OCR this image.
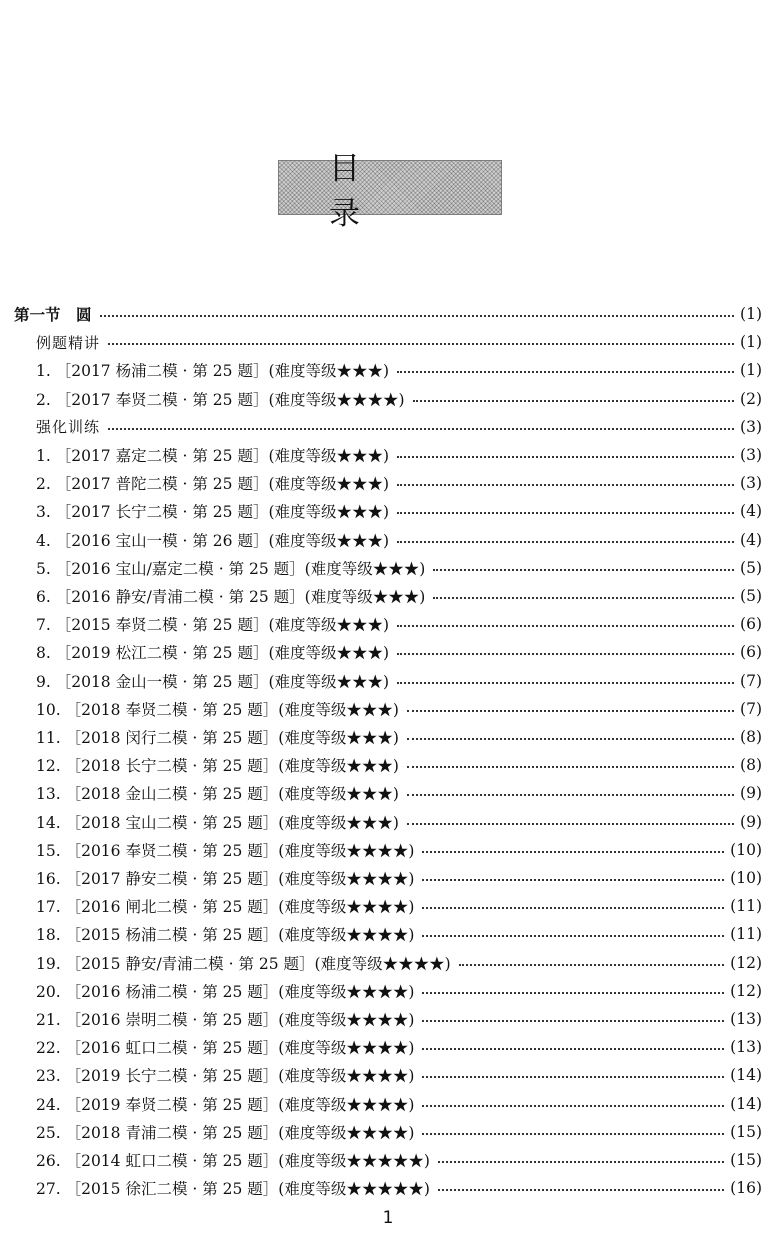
目 录
第一节　圆	(1)
例题精讲	(1)
1. ［2017 杨浦二模 · 第 25 题］(难度等级★★★)	(1)
2. ［2017 奉贤二模 · 第 25 题］(难度等级★★★★)	(2)
强化训练	(3)
1. ［2017 嘉定二模 · 第 25 题］(难度等级★★★)	(3)
2. ［2017 普陀二模 · 第 25 题］(难度等级★★★)	(3)
3. ［2017 长宁二模 · 第 25 题］(难度等级★★★)	(4)
4. ［2016 宝山一模 · 第 26 题］(难度等级★★★)	(4)
5. ［2016 宝山/嘉定二模 · 第 25 题］(难度等级★★★)	(5)
6. ［2016 静安/青浦二模 · 第 25 题］(难度等级★★★)	(5)
7. ［2015 奉贤二模 · 第 25 题］(难度等级★★★)	(6)
8. ［2019 松江二模 · 第 25 题］(难度等级★★★)	(6)
9. ［2018 金山一模 · 第 25 题］(难度等级★★★)	(7)
10. ［2018 奉贤二模 · 第 25 题］(难度等级★★★)	(7)
11. ［2018 闵行二模 · 第 25 题］(难度等级★★★)	(8)
12. ［2018 长宁二模 · 第 25 题］(难度等级★★★)	(8)
13. ［2018 金山二模 · 第 25 题］(难度等级★★★)	(9)
14. ［2018 宝山二模 · 第 25 题］(难度等级★★★)	(9)
15. ［2016 奉贤二模 · 第 25 题］(难度等级★★★★)	(10)
16. ［2017 静安二模 · 第 25 题］(难度等级★★★★)	(10)
17. ［2016 闸北二模 · 第 25 题］(难度等级★★★★)	(11)
18. ［2015 杨浦二模 · 第 25 题］(难度等级★★★★)	(11)
19. ［2015 静安/青浦二模 · 第 25 题］(难度等级★★★★)	(12)
20. ［2016 杨浦二模 · 第 25 题］(难度等级★★★★)	(12)
21. ［2016 崇明二模 · 第 25 题］(难度等级★★★★)	(13)
22. ［2016 虹口二模 · 第 25 题］(难度等级★★★★)	(13)
23. ［2019 长宁二模 · 第 25 题］(难度等级★★★★)	(14)
24. ［2019 奉贤二模 · 第 25 题］(难度等级★★★★)	(14)
25. ［2018 青浦二模 · 第 25 题］(难度等级★★★★)	(15)
26. ［2014 虹口二模 · 第 25 题］(难度等级★★★★★)	(15)
27. ［2015 徐汇二模 · 第 25 题］(难度等级★★★★★)	(16)
1
